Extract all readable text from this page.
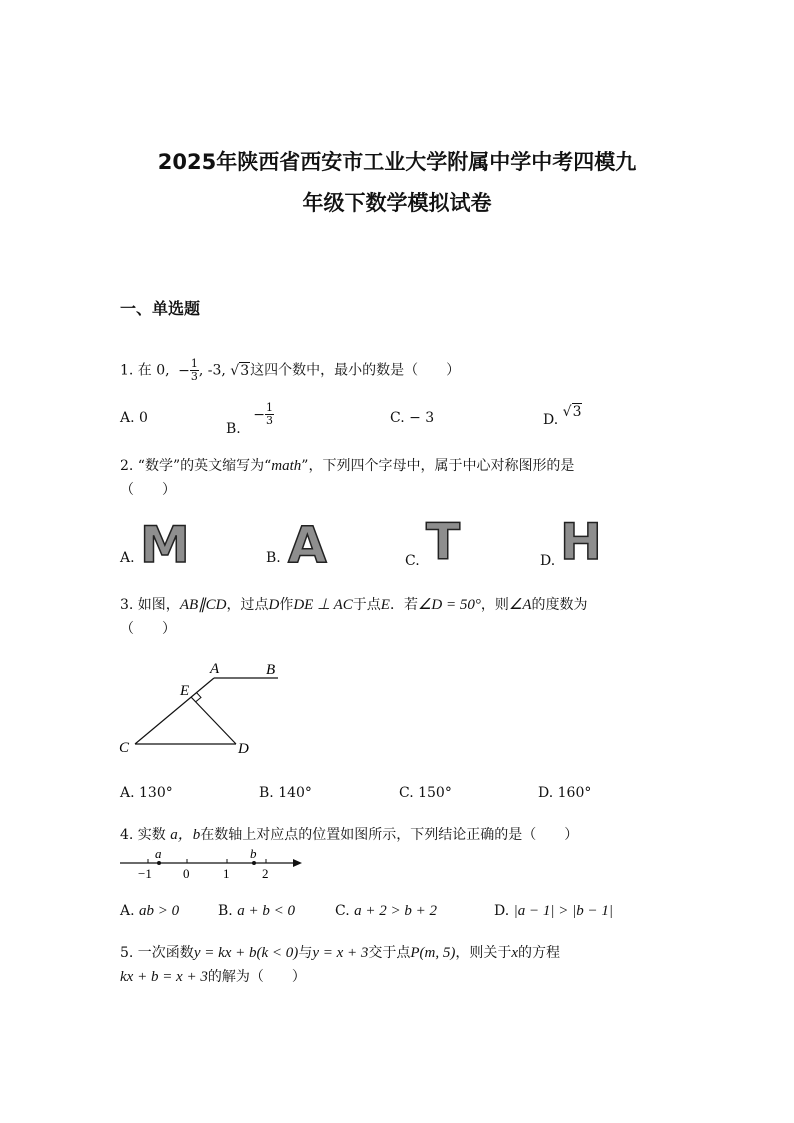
2025年陕西省西安市工业大学附属中学中考四模九
年级下数学模拟试卷
一、单选题
1. 在 0, − $\frac{1}{3}$ , -3, √3这四个数中，最小的数是（　　）
A. 0
B. − $\frac{1}{3}$	C. − 3	D. √3
2. “数学”的英文缩写为“math”，下列四个字母中，属于中心对称图形的是
（　　）
A. M	B. A	C. T	D. H
3. 如图，AB∥CD，过点D作DE ⊥ AC于点E．若∠D = 50°，则∠A的度数为
（　　）
A	B
E
C	D
A. 130°	B. 140°	C. 150°	D. 160°
4. 实数 a，b在数轴上对应点的位置如图所示，下列结论正确的是（　　）
a	b
−1 0	1	2
A. ab > 0	B. a + b < 0	C. a + 2 > b + 2	D. |a − 1| > |b − 1|
5. 一次函数y = kx + b(k < 0)与y = x + 3交于点P(m, 5)，则关于x的方程
kx + b = x + 3的解为（　　）
